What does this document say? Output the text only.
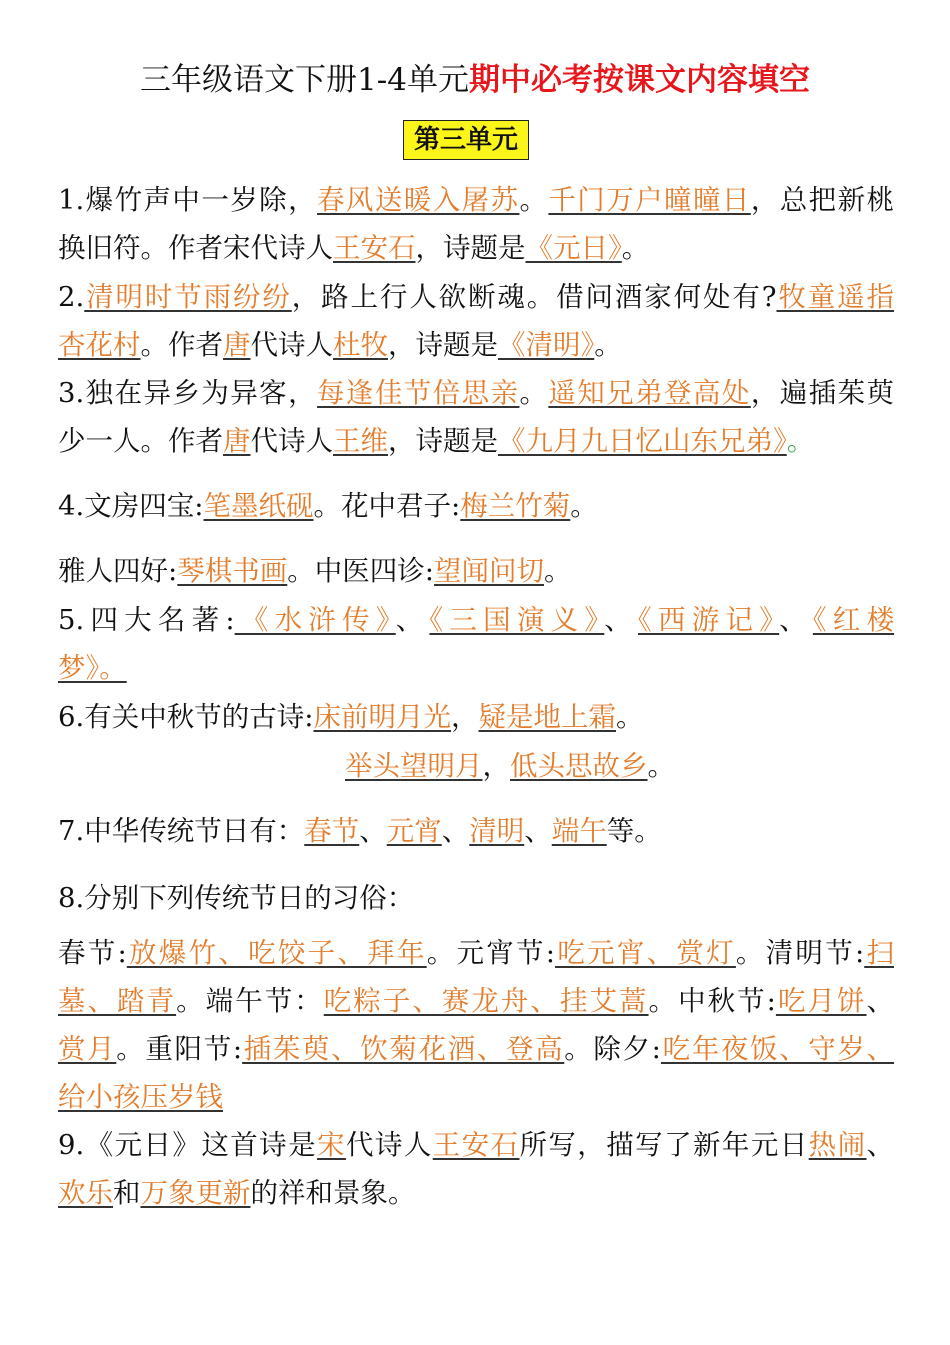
三年级语文下册1-4单元期中必考按课文内容填空
第三单元
1.爆竹声中一岁除，春风送暖入屠苏。千门万户曈曈日，总把新桃
换旧符。作者宋代诗人王安石，诗题是《元日》。
2.清明时节雨纷纷，路上行人欲断魂。借问酒家何处有?牧童遥指
杏花村。作者唐代诗人杜牧，诗题是《清明》。
3.独在异乡为异客，每逢佳节倍思亲。遥知兄弟登高处，遍插茱萸
少一人。作者唐代诗人王维，诗题是《九月九日忆山东兄弟》。
4.文房四宝:笔墨纸砚。花中君子:梅兰竹菊。
雅人四好:琴棋书画。中医四诊:望闻问切。
5.四大名著:《水浒传》、《三国演义》、《西游记》、《红楼
梦》。
6.有关中秋节的古诗:床前明月光，疑是地上霜。
举头望明月，低头思故乡。
7.中华传统节日有：春节、元宵、清明、端午等。
8.分别下列传统节日的习俗：
春节:放爆竹、吃饺子、拜年。元宵节:吃元宵、赏灯。清明节:扫
墓、踏青。端午节：吃粽子、赛龙舟、挂艾蒿。中秋节:吃月饼、
赏月。重阳节:插茱萸、饮菊花酒、登高。除夕:吃年夜饭、守岁、
给小孩压岁钱
9.《元日》这首诗是宋代诗人王安石所写，描写了新年元日热闹、
欢乐和万象更新的祥和景象。
